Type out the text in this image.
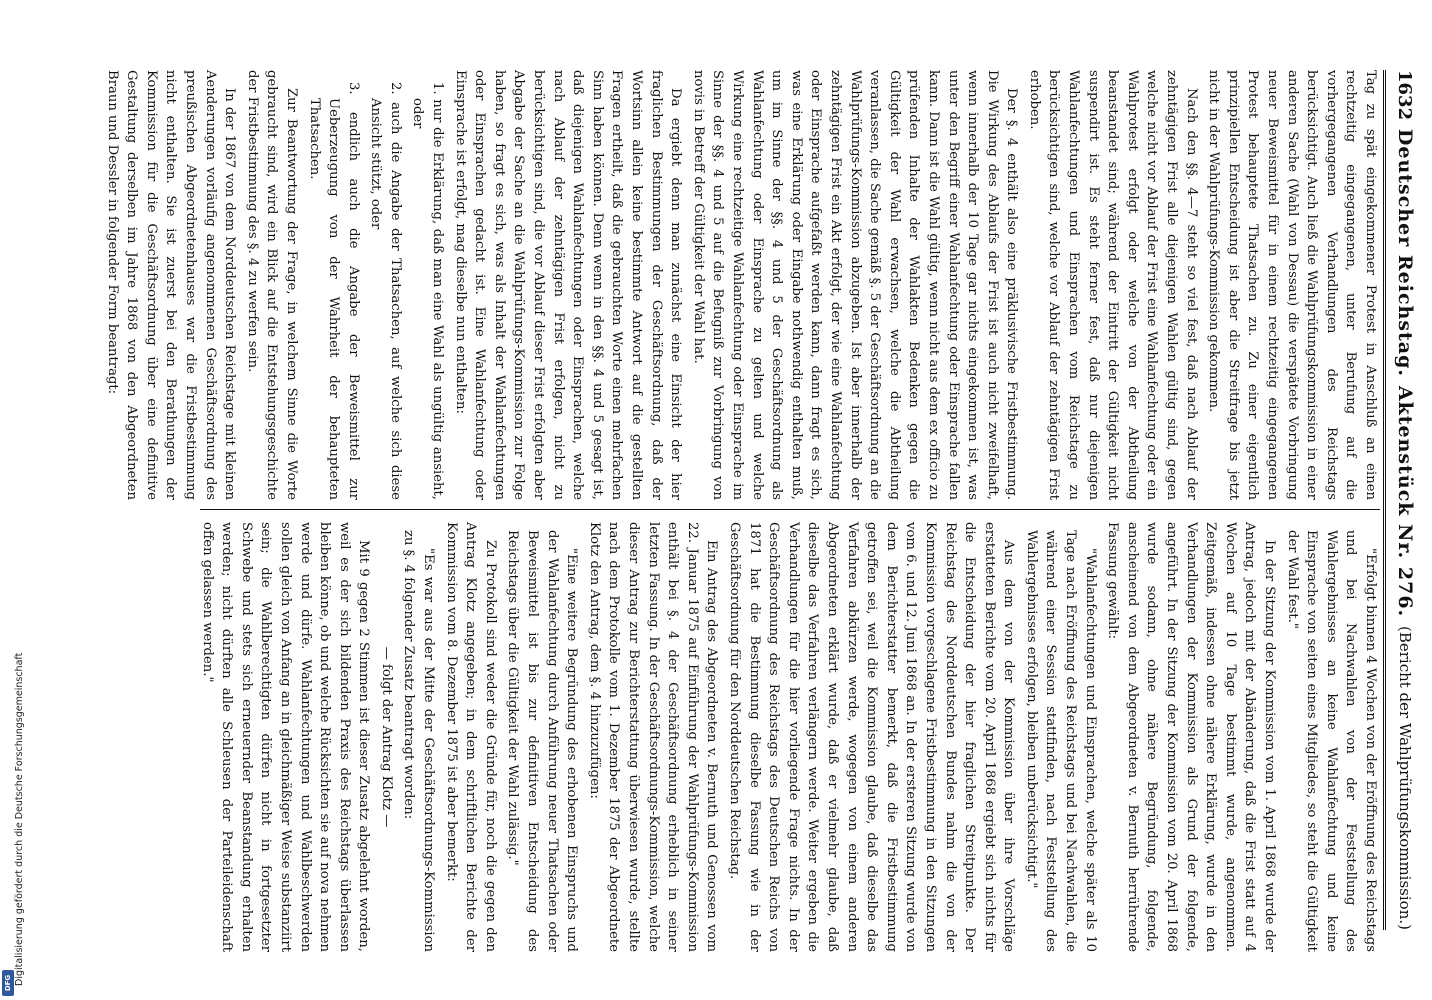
1632
Deutscher Reichstag.
Aktenstück Nr. 276.
(Bericht der Wahlprüfungskommission.)

Tag zu spät eingekommener Protest in Anschluß an einen rechtzeitig eingegangenen, unter Berufung auf die vorhergegangenen Verhandlungen des Reichstags berücksichtigt. Auch ließ die Wahlprüfungskommission in einer anderen Sache (Wahl von Dessau) die verspätete Vorbringung neuer Beweismittel für in einem rechtzeitig eingegangenen Protest behauptete Thatsachen zu. Zu einer eigentlich prinzipiellen Entscheidung ist aber die Streitfrage bis jetzt nicht in der Wahlprüfungs-Kommission gekommen.

Nach den §§. 4—7 steht so viel fest, daß nach Ablauf der zehntägigen Frist alle diejenigen Wahlen gültig sind, gegen welche nicht vor Ablauf der Frist eine Wahlanfechtung oder ein Wahlprotest erfolgt oder welche von der Abtheilung beanstandet sind; während der Eintritt der Gültigkeit nicht suspendirt ist. Es steht ferner fest, daß nur diejenigen Wahlanfechtungen und Einsprachen vom Reichstage zu berücksichtigen sind, welche vor Ablauf der zehntägigen Frist erhoben.

Der §. 4 enthält also eine präklusivische Fristbestimmung. Die Wirkung des Ablaufs der Frist ist auch nicht zweifelhaft, wenn innerhalb der 10 Tage gar nichts eingekommen ist, was unter den Begriff einer Wahlanfechtung oder Einsprache fallen kann. Dann ist die Wahl gültig, wenn nicht aus dem ex officio zu prüfenden Inhalte der Wahlakten Bedenken gegen die Gültigkeit der Wahl erwachsen, welche die Abtheilung veranlassen, die Sache gemäß §. 5 der Geschäftsordnung an die Wahlprüfungs-Kommission abzugeben. Ist aber innerhalb der zehntägigen Frist ein Akt erfolgt, der wie eine Wahlanfechtung oder Einsprache aufgefaßt werden kann, dann fragt es sich, was eine Erklärung oder Eingabe nothwendig enthalten muß, um im Sinne der §§. 4 und 5 der Geschäftsordnung als Wahlanfechtung oder Einsprache zu gelten und welche Wirkung eine rechtzeitige Wahlanfechtung oder Einsprache im Sinne der §§. 4 und 5 auf die Befugniß zur Vorbringung von novis in Betreff der Gültigkeit der Wahl hat.

Da ergiebt denn man zunächst eine Einsicht der hier fraglichen Bestimmungen der Geschäftsordnung, daß der Wortsinn allein keine bestimmte Antwort auf die gestellten Fragen ertheilt, daß die gebrauchten Worte einen mehrfachen Sinn haben können. Denn wenn in den §§. 4 und 5 gesagt ist, daß diejenigen Wahlanfechtungen oder Einsprachen, welche nach Ablauf der zehntägigen Frist erfolgen, nicht zu berücksichtigen sind, die vor Ablauf dieser Frist erfolgten aber Abgabe der Sache an die Wahlprüfungs-Kommission zur Folge haben, so fragt es sich, was als Inhalt der Wahlanfechtungen oder Einsprachen gedacht ist. Eine Wahlanfechtung oder Einsprache ist erfolgt, mag dieselbe nun enthalten:

1. nur die Erklärung, daß man eine Wahl als ungültig ansieht, oder

2. auch die Angabe der Thatsachen, auf welche sich diese Ansicht stützt, oder

3. endlich auch die Angabe der Beweismittel zur Ueberzeugung von der Wahrheit der behaupteten Thatsachen.

Zur Beantwortung der Frage, in welchem Sinne die Worte gebraucht sind, wird ein Blick auf die Entstehungsgeschichte der Fristbestimmung des §. 4 zu werfen sein.

In der 1867 von dem Norddeutschen Reichstage mit kleinen Aenderungen vorläufig angenommenen Geschäftsordnung des preußischen Abgeordnetenhauses war die Fristbestimmung nicht enthalten. Sie ist zuerst bei den Berathungen der Kommission für die Geschäftsordnung über eine definitive Gestaltung derselben im Jahre 1868 von den Abgeordneten Braun und Dessler in folgender Form beantragt:

"Erfolgt binnen 4 Wochen von der Eröffnung des Reichstags und bei Nachwahlen von der Feststellung des Wahlergebnisses an keine Wahlanfechtung und keine Einsprache von seiten eines Mitgliedes, so steht die Gültigkeit der Wahl fest."

In der Sitzung der Kommission vom 1. April 1868 wurde der Antrag, jedoch mit der Abänderung, daß die Frist statt auf 4 Wochen auf 10 Tage bestimmt wurde, angenommen. Zeitgemäß, indessen ohne nähere Erklärung, wurde in den Verhandlungen der Kommission als Grund der folgende, angeführt. In der Sitzung der Kommission vom 20. April 1868 wurde sodann, ohne nähere Begründung, folgende, anscheinend von dem Abgeordneten v. Bernuth herrührende Fassung gewählt:

"Wahlanfechtungen und Einsprachen, welche später als 10 Tage nach Eröffnung des Reichstags und bei Nachwahlen, die während einer Session stattfinden, nach Feststellung des Wahlergebnisses erfolgen, bleiben unberücksichtigt."

Aus dem von der Kommission über ihre Vorschläge erstatteten Berichte vom 20. April 1868 ergiebt sich nichts für die Entscheidung der hier fraglichen Streitpunkte. Der Reichstag des Norddeutschen Bundes nahm die von der Kommission vorgeschlagene Fristbestimmung in den Sitzungen vom 6. und 12. Juni 1868 an. In der ersteren Sitzung wurde von dem Berichterstatter bemerkt, daß die Fristbestimmung getroffen sei, weil die Kommission glaube, daß dieselbe das Verfahren abkürzen werde, wogegen von einem anderen Abgeordneten erklärt wurde, daß er vielmehr glaube, daß dieselbe das Verfahren verlängern werde. Weiter ergeben die Verhandlungen für die hier vorliegende Frage nichts. In der Geschäftsordnung des Reichstags des Deutschen Reichs von 1871 hat die Bestimmung dieselbe Fassung wie in der Geschäftsordnung für den Norddeutschen Reichstag.

Ein Antrag des Abgeordneten v. Bernuth und Genossen vom 22. Januar 1875 auf Einführung der Wahlprüfungs-Kommission enthält bei §. 4 der Geschäftsordnung erheblich in seiner letzten Fassung. In der Geschäftsordnungs-Kommission, welche dieser Antrag zur Berichterstattung überwiesen wurde, stellte nach dem Protokolle vom 1. Dezember 1875 der Abgeordnete Klotz den Antrag, dem §. 4 hinzuzufügen:

"Eine weitere Begründung des erhobenen Einspruchs und der Wahlanfechtung durch Anführung neuer Thatsachen oder Beweismittel ist bis zur definitiven Entscheidung des Reichstags über die Gültigkeit der Wahl zulässig."

Zu Protokoll sind weder die Gründe für, noch die gegen den Antrag Klotz angegeben; in dem schriftlichen Berichte der Kommission vom 8. Dezember 1875 ist aber bemerkt:

"Es war aus der Mitte der Geschäftsordnungs-Kommission zu §. 4 folgender Zusatz beantragt worden:

— folgt der Antrag Klotz —

Mit 9 gegen 2 Stimmen ist dieser Zusatz abgelehnt worden, weil es der sich bildenden Praxis des Reichstags überlassen bleiben könne, ob und welche Rücksichten sie auf nova nehmen werde und dürfe. Wahlanfechtungen und Wahlbeschwerden sollen gleich von Anfang an in gleichmäßiger Weise substanziirt sein; die Wahlberechtigten dürfen nicht in fortgesetzter Schwebe und stets sich erneuernder Beanstandung erhalten werden; nicht dürften alle Schleusen der Parteileidenschaft offen gelassen werden."

Digitalisierung gefördert durch die Deutsche Forschungsgemeinschaft
DFG
